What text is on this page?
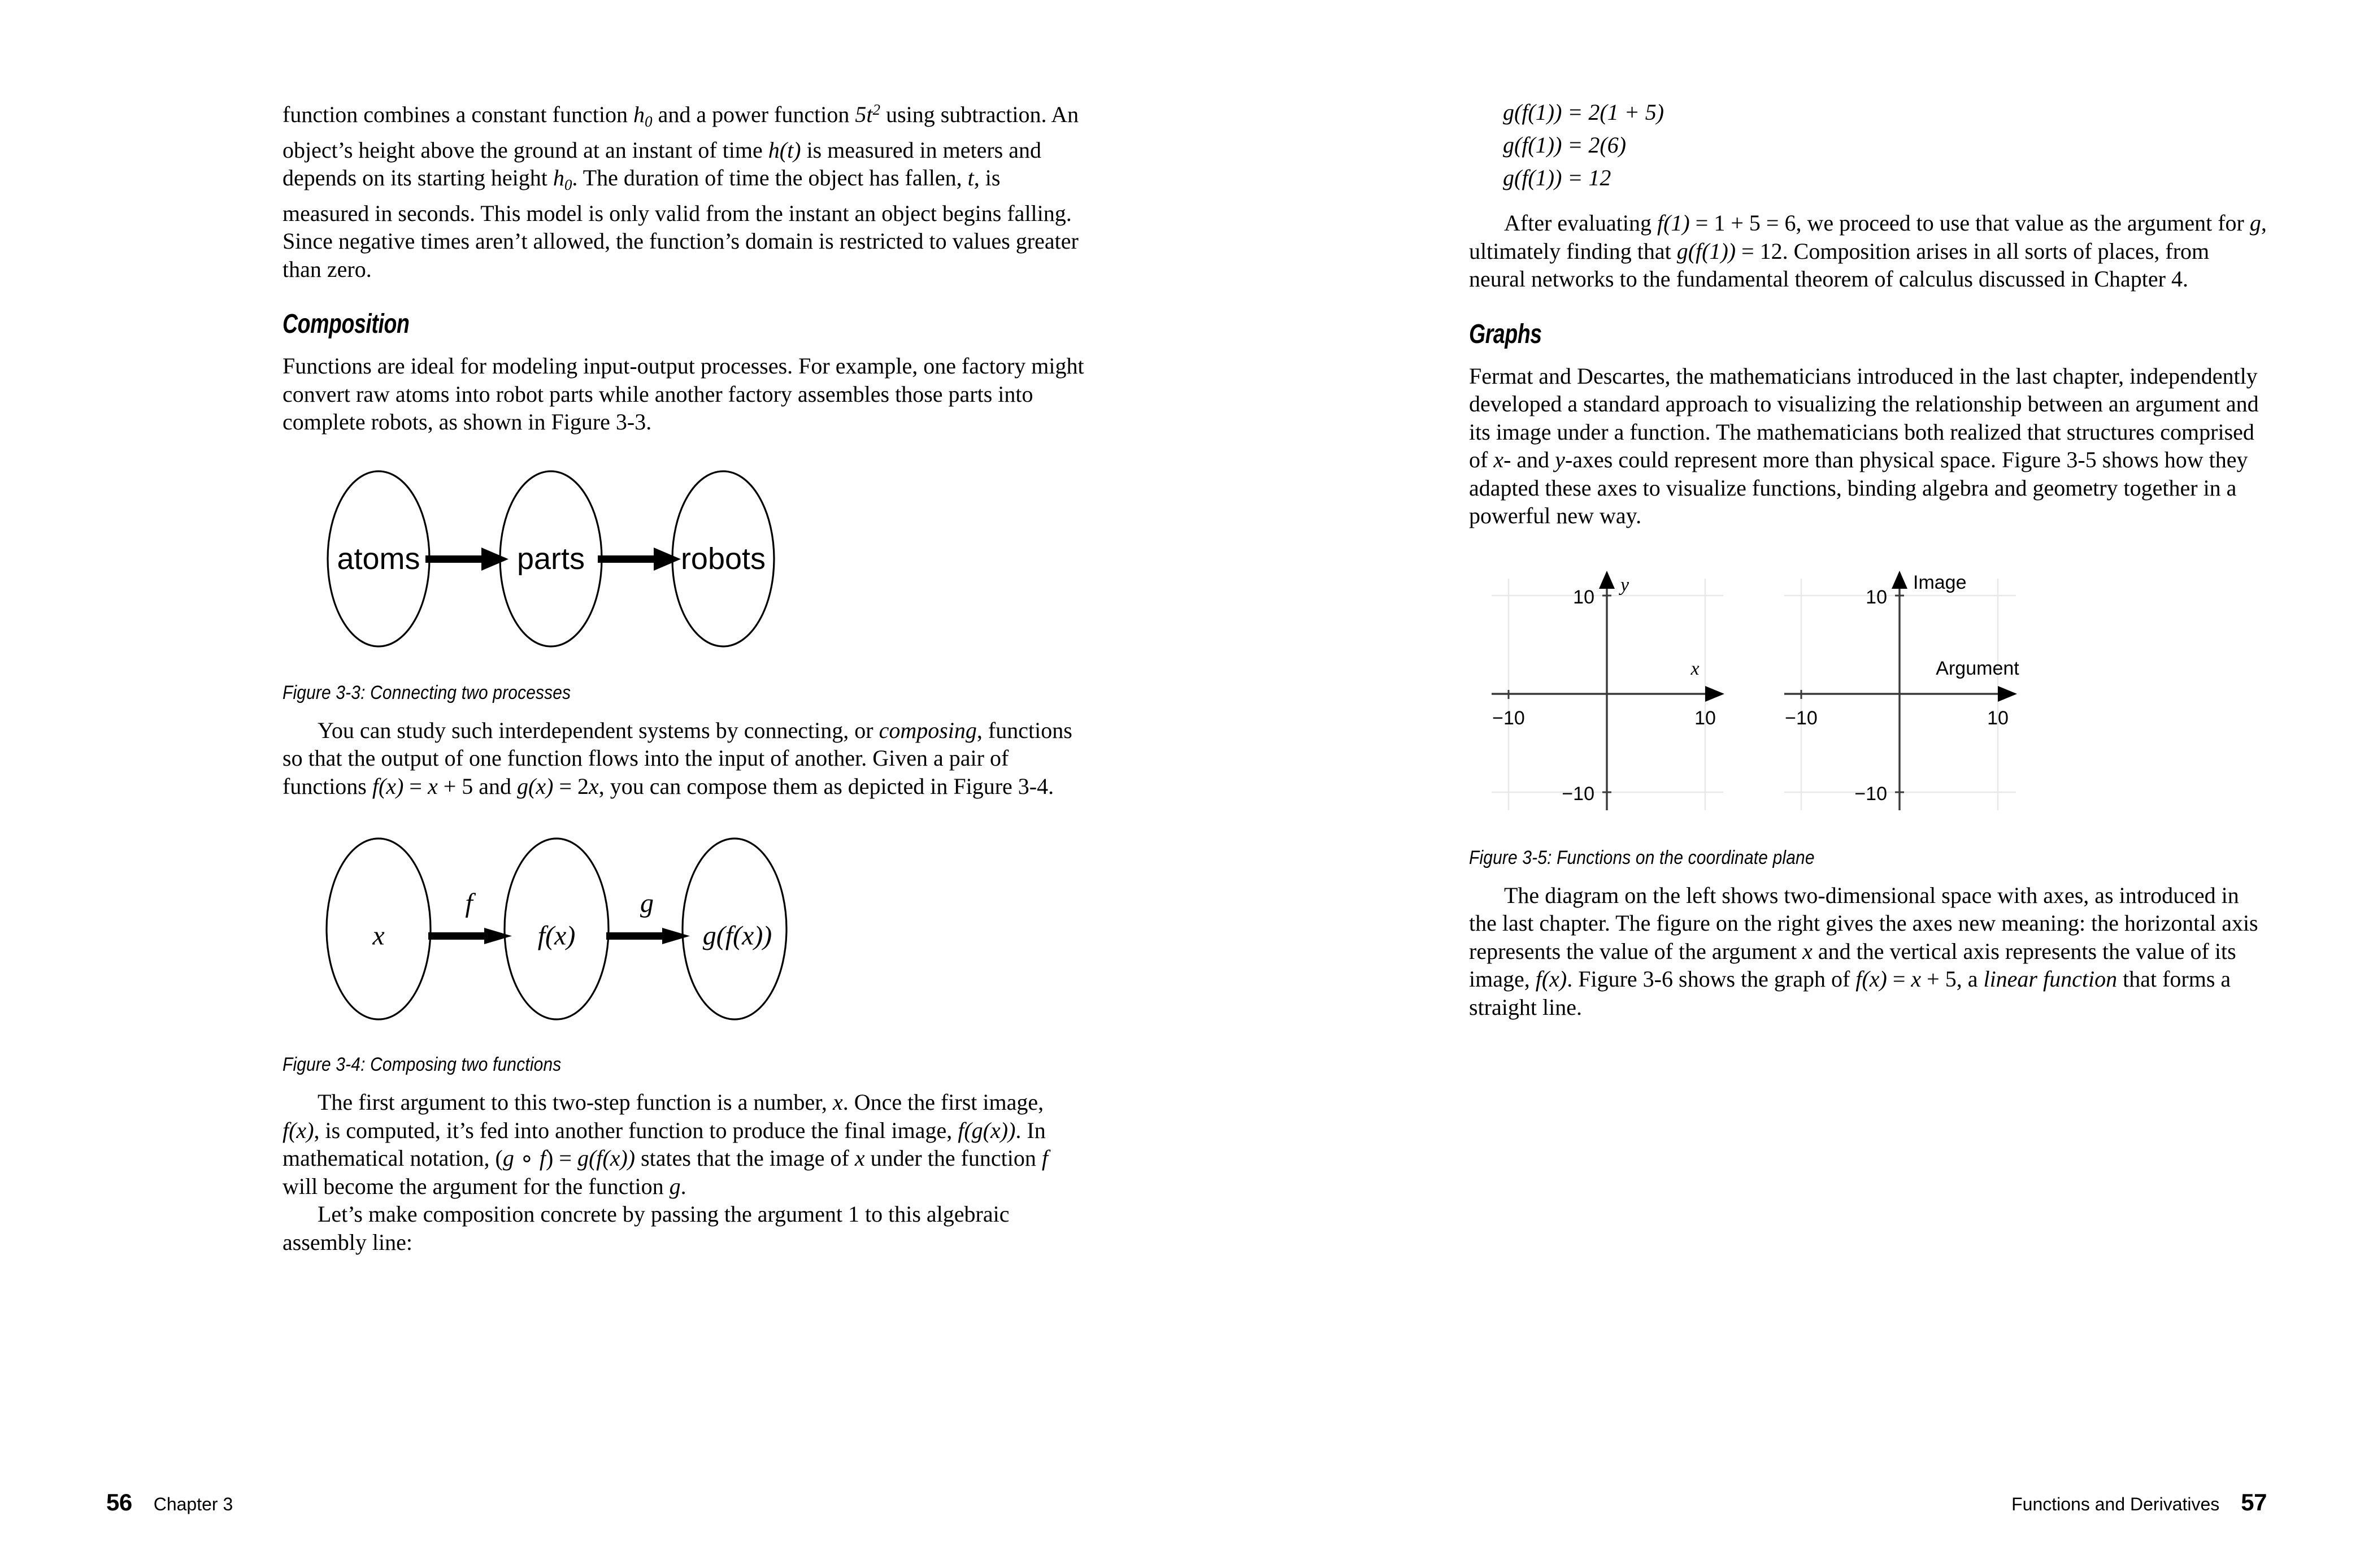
function combines a constant function $h_0$ and a power function $5t^2$ using subtraction. An object’s height above the ground at an instant of time h(t) is measured in meters and depends on its starting height $h_0$. The duration of time the object has fallen, t, is measured in seconds. This model is only valid from the instant an object begins falling. Since negative times aren’t allowed, the function’s domain is restricted to values greater than zero.

Composition

Functions are ideal for modeling input-output processes. For example, one factory might convert raw atoms into robot parts while another factory assembles those parts into complete robots, as shown in Figure 3-3.

atoms	parts	robots
Figure 3-3: Connecting two processes

You can study such interdependent systems by connecting, or composing, functions so that the output of one function flows into the input of another. Given a pair of functions f(x) = x + 5 and g(x) = 2x, you can compose them as depicted in Figure 3-4.

f	g
x	f(x)	g(f(x))
Figure 3-4: Composing two functions

The first argument to this two-step function is a number, x. Once the first image, f(x), is computed, it’s fed into another function to produce the final image, f(g(x)). In mathematical notation, (g ∘ f) = g(f(x)) states that the image of x under the function f will become the argument for the function g.

Let’s make composition concrete by passing the argument 1 to this algebraic assembly line:

56 Chapter 3
g(f(1)) = 2(1 + 5)
g(f(1)) = 2(6)
g(f(1)) = 12

After evaluating f(1) = 1 + 5 = 6, we proceed to use that value as the argument for g, ultimately finding that g(f(1)) = 12. Composition arises in all sorts of places, from neural networks to the fundamental theorem of calculus discussed in Chapter 4.

Graphs

Fermat and Descartes, the mathematicians introduced in the last chapter, independently developed a standard approach to visualizing the relationship between an argument and its image under a function. The mathematicians both realized that structures comprised of x- and y-axes could represent more than physical space. Figure 3-5 shows how they adapted these axes to visualize functions, binding algebra and geometry together in a powerful new way.

10
−10
−10	10
y
x
10
−10
−10	10
Image
Argument
Figure 3-5: Functions on the coordinate plane

The diagram on the left shows two-dimensional space with axes, as introduced in the last chapter. The figure on the right gives the axes new meaning: the horizontal axis represents the value of the argument x and the vertical axis represents the value of its image, f(x). Figure 3-6 shows the graph of f(x) = x + 5, a linear function that forms a straight line.

Functions and Derivatives 57
